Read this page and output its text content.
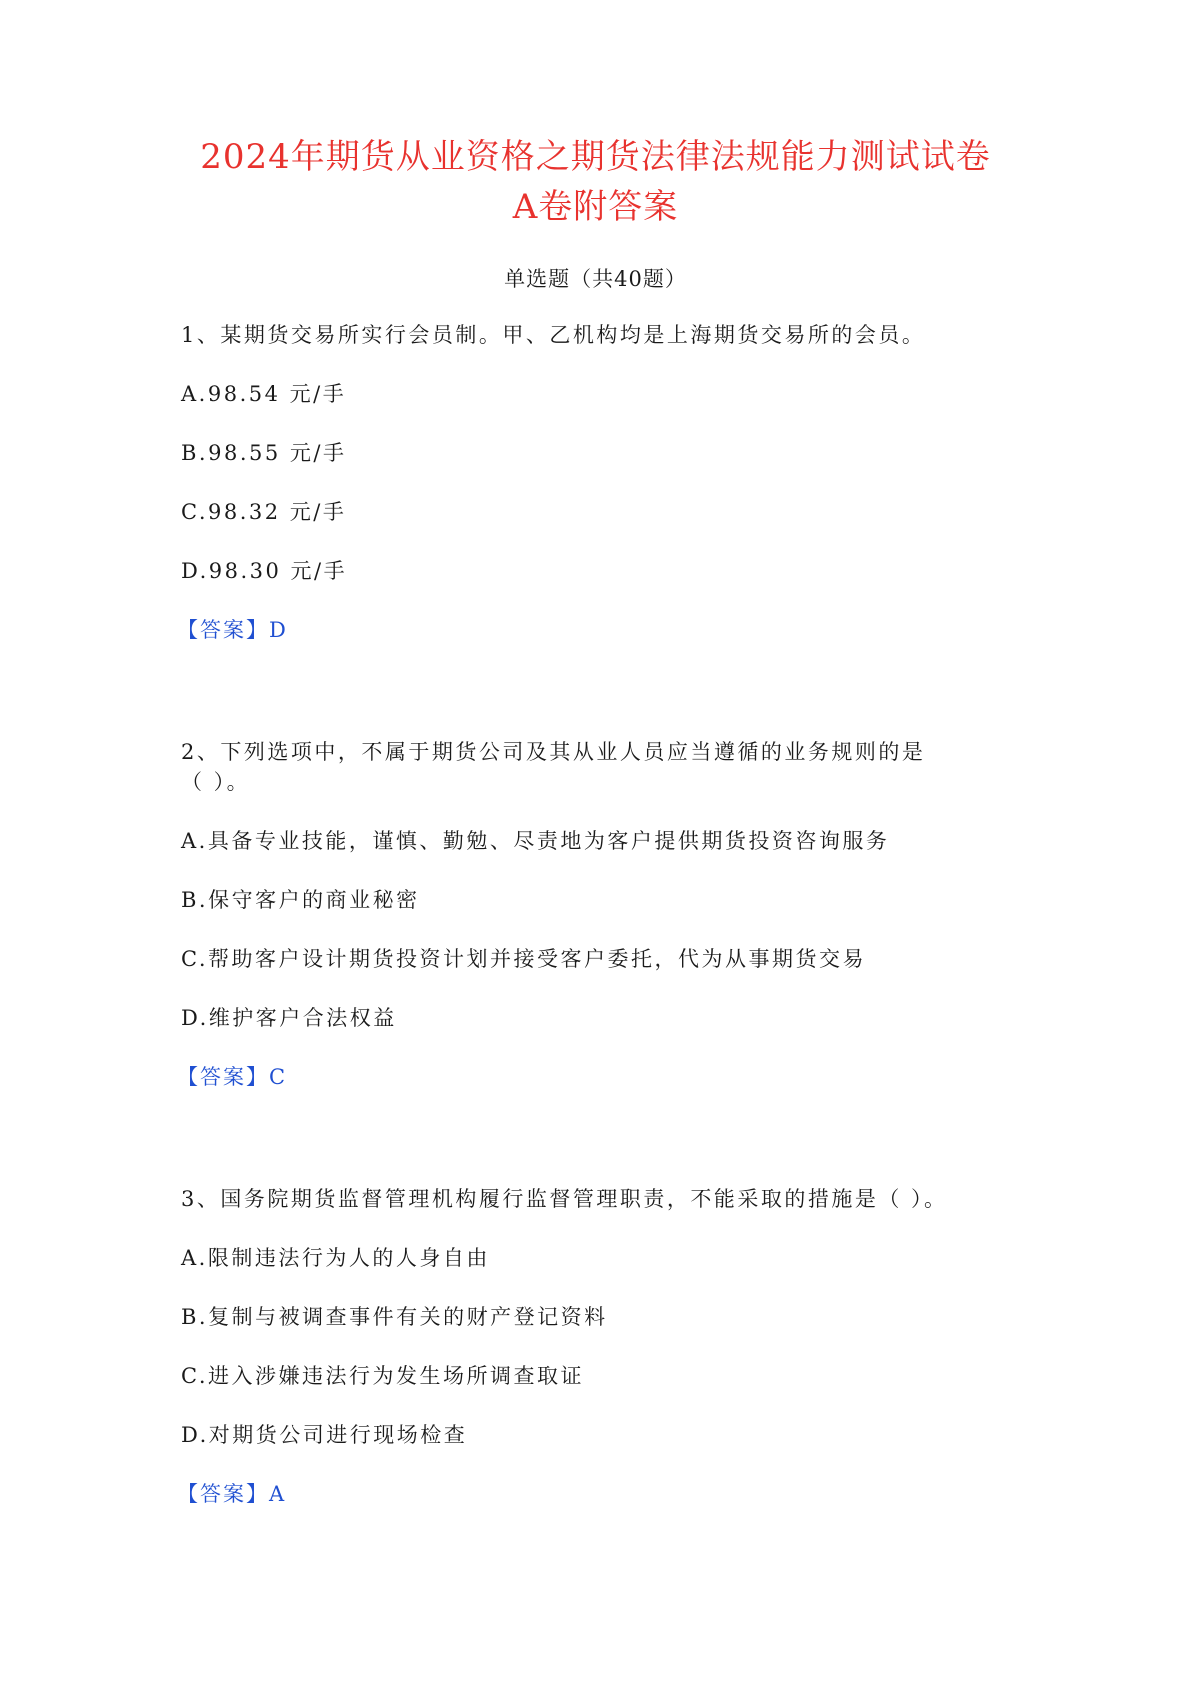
2024年期货从业资格之期货法律法规能力测试试卷
A卷附答案
单选题（共40题）
1、某期货交易所实行会员制。甲、乙机构均是上海期货交易所的会员。
A.98.54 元/手
B.98.55 元/手
C.98.32 元/手
D.98.30 元/手
【答案】D
2、下列选项中，不属于期货公司及其从业人员应当遵循的业务规则的是
（ ）。
A.具备专业技能，谨慎、勤勉、尽责地为客户提供期货投资咨询服务
B.保守客户的商业秘密
C.帮助客户设计期货投资计划并接受客户委托，代为从事期货交易
D.维护客户合法权益
【答案】C
3、国务院期货监督管理机构履行监督管理职责，不能采取的措施是（ ）。
A.限制违法行为人的人身自由
B.复制与被调查事件有关的财产登记资料
C.进入涉嫌违法行为发生场所调查取证
D.对期货公司进行现场检查
【答案】A
